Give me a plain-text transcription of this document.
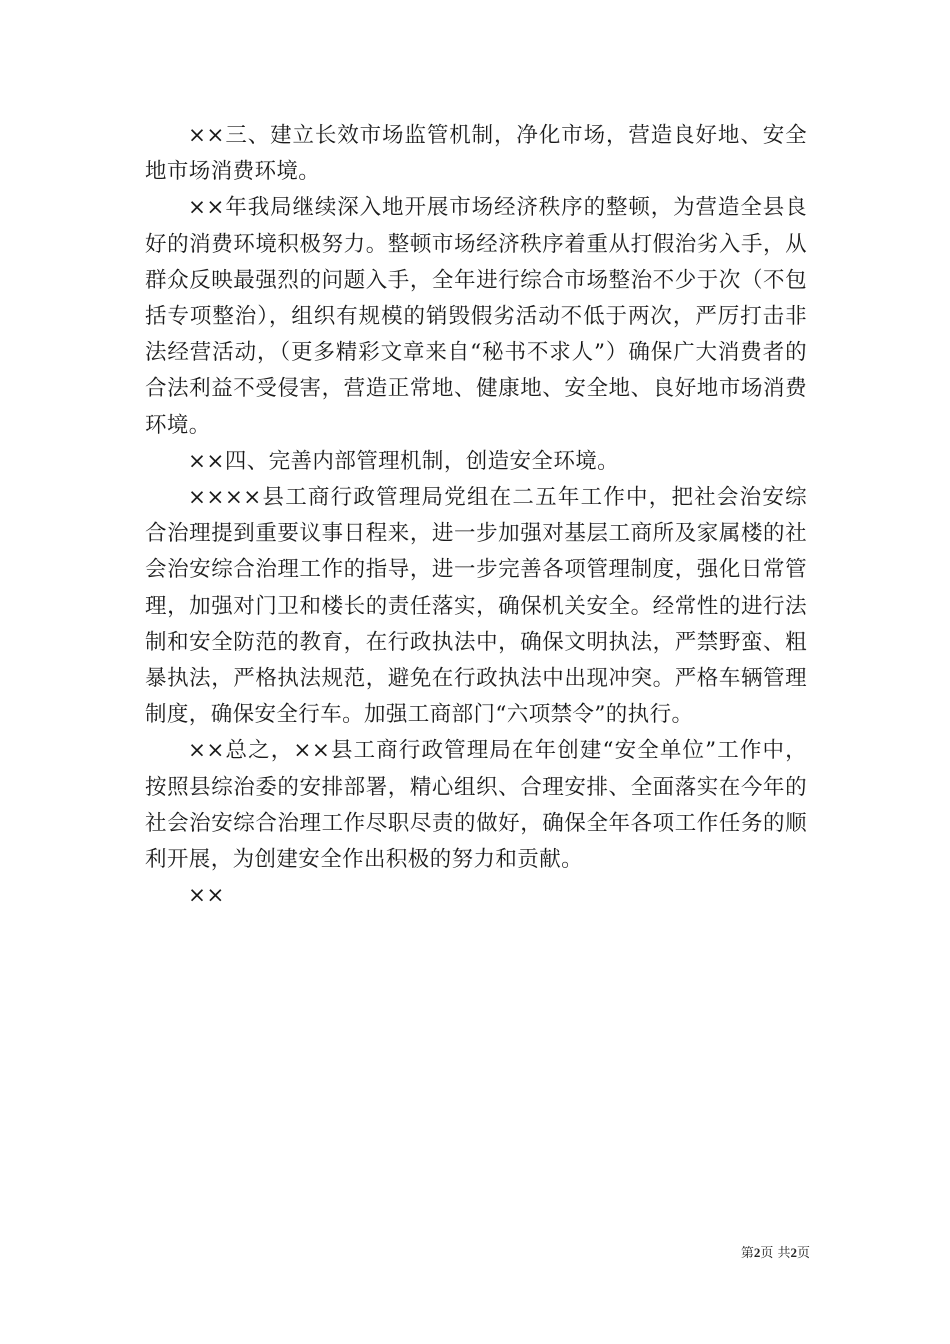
××三、建立长效市场监管机制，净化市场，营造良好地、安全地市场消费环境。

××年我局继续深入地开展市场经济秩序的整顿，为营造全县良好的消费环境积极努力。整顿市场经济秩序着重从打假治劣入手，从群众反映最强烈的问题入手，全年进行综合市场整治不少于次（不包括专项整治），组织有规模的销毁假劣活动不低于两次，严厉打击非法经营活动，（更多精彩文章来自“秘书不求人”）确保广大消费者的合法利益不受侵害，营造正常地、健康地、安全地、良好地市场消费环境。

××四、完善内部管理机制，创造安全环境。

××××县工商行政管理局党组在二五年工作中，把社会治安综合治理提到重要议事日程来，进一步加强对基层工商所及家属楼的社会治安综合治理工作的指导，进一步完善各项管理制度，强化日常管理，加强对门卫和楼长的责任落实，确保机关安全。经常性的进行法制和安全防范的教育，在行政执法中，确保文明执法，严禁野蛮、粗暴执法，严格执法规范，避免在行政执法中出现冲突。严格车辆管理制度，确保安全行车。加强工商部门“六项禁令”的执行。

××总之，××县工商行政管理局在年创建“安全单位”工作中，按照县综治委的安排部署，精心组织、合理安排、全面落实在今年的社会治安综合治理工作尽职尽责的做好，确保全年各项工作任务的顺利开展，为创建安全作出积极的努力和贡献。

××

第2页 共2页
